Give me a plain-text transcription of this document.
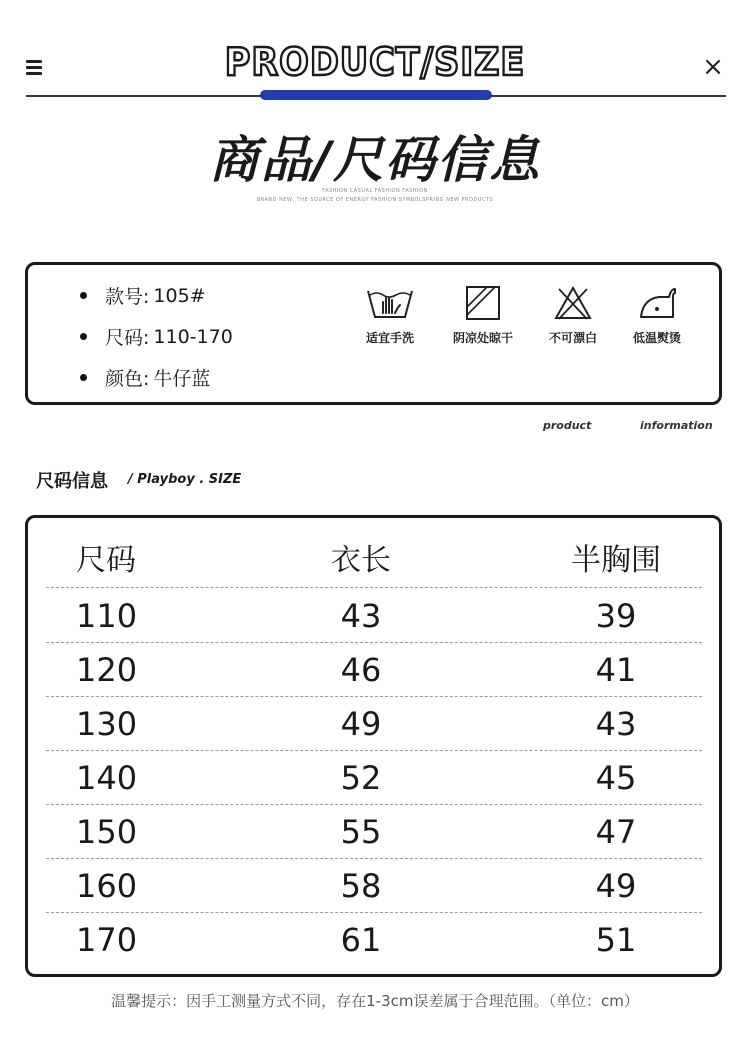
×
PRODUCT/SIZE
商品/尺码信息
FASHION CASUAL FASHION FASHION
BRAND NEW, THE SOURCE OF ENERGY FASHION SYMBOLSPRING NEW PRODUCTS
款号: 105#
尺码: 110-170
颜色: 牛仔蓝
适宜手洗	阴凉处晾干	不可漂白	低温熨烫
product	information
尺码信息 / Playboy . SIZE
尺码	衣长	半胸围
110	43	39
120	46	41
130	49	43
140	52	45
150	55	47
160	58	49
170	61	51
温馨提示：因手工测量方式不同，存在1-3cm误差属于合理范围。（单位：cm）
